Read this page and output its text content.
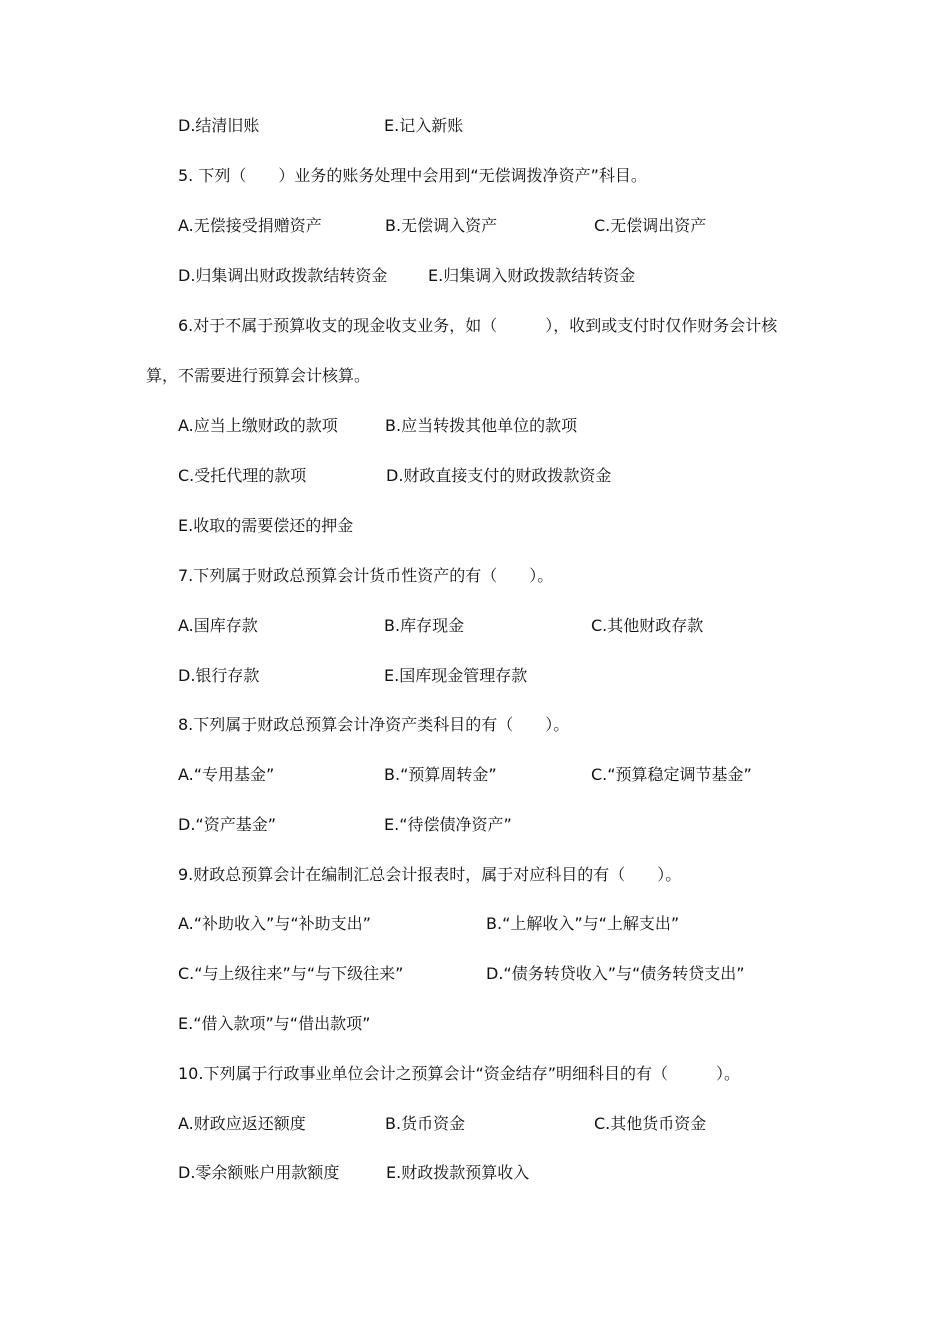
D.结清旧账	E.记入新账
5. 下列（　　）业务的账务处理中会用到“无偿调拨净资产”科目。
A.无偿接受捐赠资产	B.无偿调入资产	C.无偿调出资产
D.归集调出财政拨款结转资金	E.归集调入财政拨款结转资金
6.对于不属于预算收支的现金收支业务，如（　　　），收到或支付时仅作财务会计核
算，不需要进行预算会计核算。
A.应当上缴财政的款项	B.应当转拨其他单位的款项
C.受托代理的款项	D.财政直接支付的财政拨款资金
E.收取的需要偿还的押金
7.下列属于财政总预算会计货币性资产的有（　　）。
A.国库存款	B.库存现金	C.其他财政存款
D.银行存款	E.国库现金管理存款
8.下列属于财政总预算会计净资产类科目的有（　　）。
A.“专用基金”	B.“预算周转金”	C.“预算稳定调节基金”
D.“资产基金”	E.“待偿债净资产”
9.财政总预算会计在编制汇总会计报表时，属于对应科目的有（　　）。
A.“补助收入”与“补助支出”	B.“上解收入”与“上解支出”
C.“与上级往来”与“与下级往来”	D.“债务转贷收入”与“债务转贷支出”
E.“借入款项”与“借出款项”
10.下列属于行政事业单位会计之预算会计“资金结存”明细科目的有（　　　）。
A.财政应返还额度	B.货币资金	C.其他货币资金
D.零余额账户用款额度	E.财政拨款预算收入
